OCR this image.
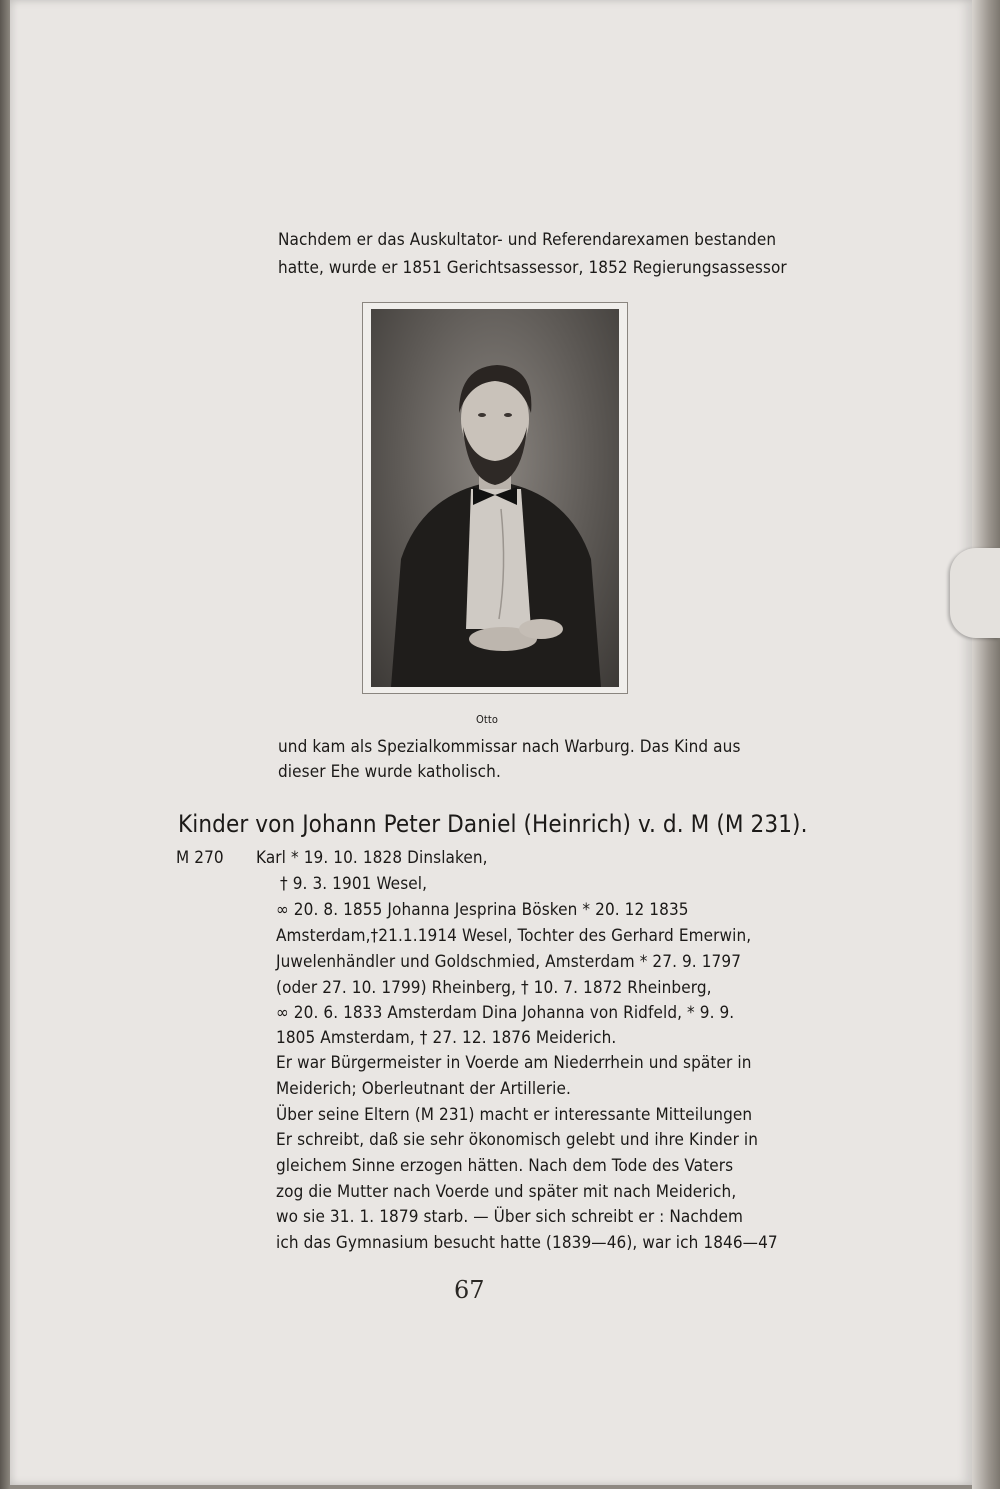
Nachdem er das Auskultator- und Referendarexamen bestanden
hatte, wurde er 1851 Gerichtsassessor, 1852 Regierungsassessor
Otto
und kam als Spezialkommissar nach Warburg. Das Kind aus
dieser Ehe wurde katholisch.
Kinder von Johann Peter Daniel (Heinrich) v. d. M (M 231).
M 270 Karl * 19. 10. 1828 Dinslaken,
† 9. 3. 1901 Wesel,
∞ 20. 8. 1855 Johanna Jesprina Bösken * 20. 12 1835
Amsterdam,†21.1.1914 Wesel, Tochter des Gerhard Emerwin,
Juwelenhändler und Goldschmied, Amsterdam * 27. 9. 1797
(oder 27. 10. 1799) Rheinberg, † 10. 7. 1872 Rheinberg,
∞ 20. 6. 1833 Amsterdam Dina Johanna von Ridfeld, * 9. 9.
1805 Amsterdam, † 27. 12. 1876 Meiderich.
Er war Bürgermeister in Voerde am Niederrhein und später in
Meiderich; Oberleutnant der Artillerie.
Über seine Eltern (M 231) macht er interessante Mitteilungen
Er schreibt, daß sie sehr ökonomisch gelebt und ihre Kinder in
gleichem Sinne erzogen hätten. Nach dem Tode des Vaters
zog die Mutter nach Voerde und später mit nach Meiderich,
wo sie 31. 1. 1879 starb. — Über sich schreibt er : Nachdem
ich das Gymnasium besucht hatte (1839—46), war ich 1846—47
67
